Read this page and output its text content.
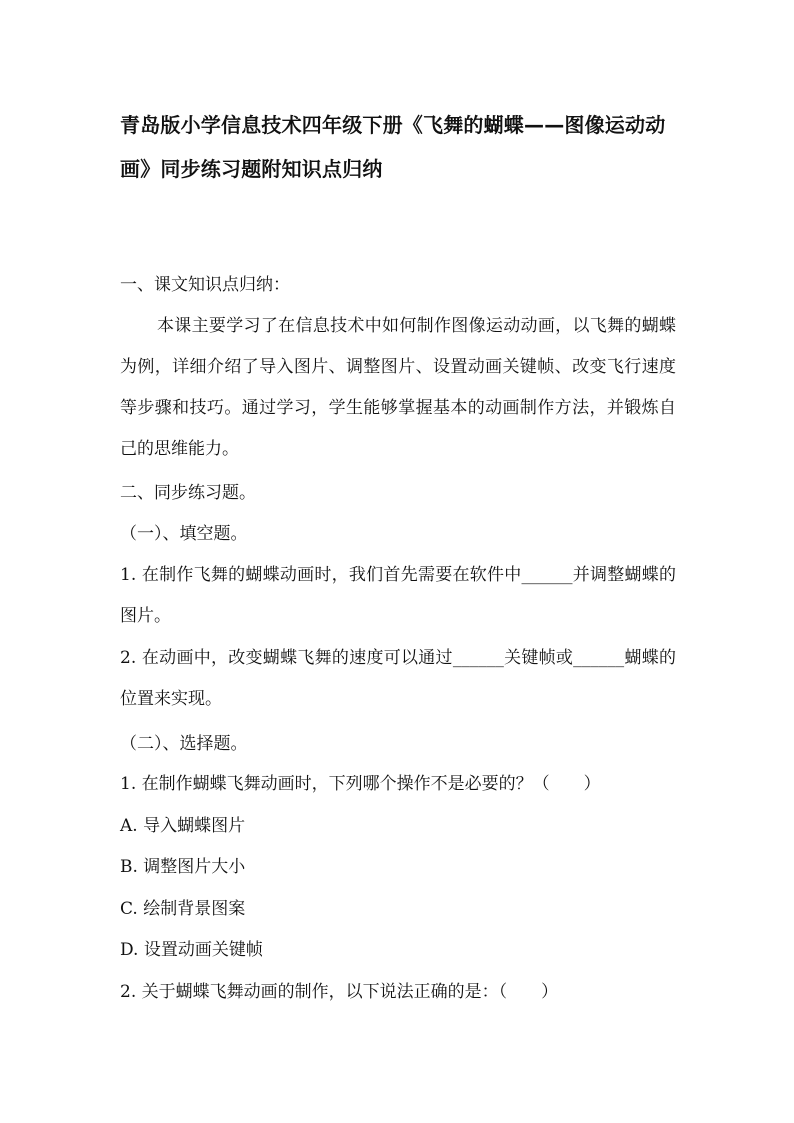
青岛版小学信息技术四年级下册《飞舞的蝴蝶——图像运动动画》同步练习题附知识点归纳

一、课文知识点归纳：

本课主要学习了在信息技术中如何制作图像运动动画，以飞舞的蝴蝶为例，详细介绍了导入图片、调整图片、设置动画关键帧、改变飞行速度等步骤和技巧。通过学习，学生能够掌握基本的动画制作方法，并锻炼自己的思维能力。

二、同步练习题。

（一）、填空题。

1. 在制作飞舞的蝴蝶动画时，我们首先需要在软件中______并调整蝴蝶的图片。

2. 在动画中，改变蝴蝶飞舞的速度可以通过______关键帧或______蝴蝶的位置来实现。

（二）、选择题。

1. 在制作蝴蝶飞舞动画时，下列哪个操作不是必要的？（　　）

A. 导入蝴蝶图片

B. 调整图片大小

C. 绘制背景图案

D. 设置动画关键帧

2. 关于蝴蝶飞舞动画的制作，以下说法正确的是：（　　）
